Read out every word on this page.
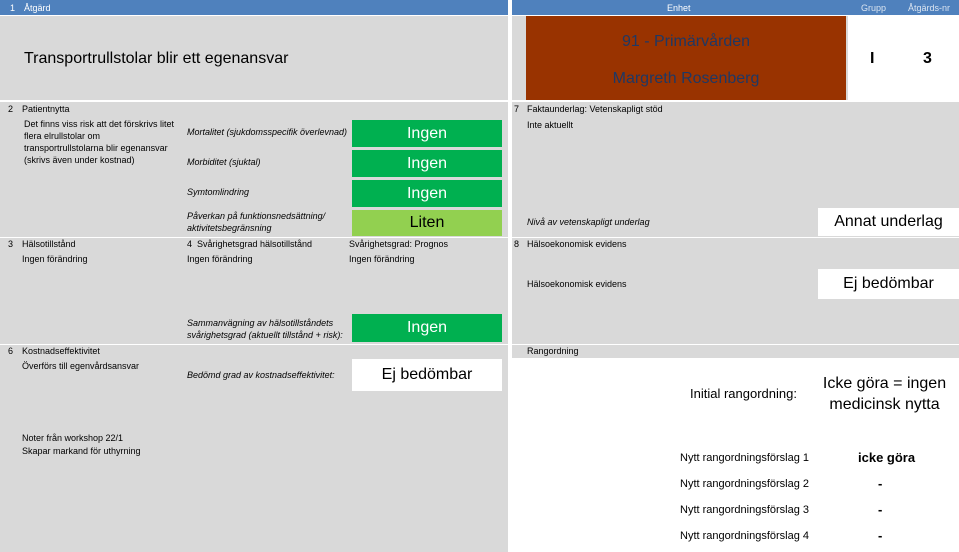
1 Åtgärd	Enhet	Grupp Åtgärds-nr
Transportrullstolar blir ett egenansvar
91 - Primärvården
Margreth Rosenberg
I	3
2 Patientnytta
Det finns viss risk att det förskrivs litet flera elrullstolar om transportrullstolarna blir egenansvar (skrivs även under kostnad)
Mortalitet (sjukdomsspecifik överlevnad)	Ingen
Morbiditet (sjuktal)	Ingen
Symtomlindring	Ingen
Påverkan på funktionsnedsättning/ aktivitetsbegränsning	Liten
7 Faktaunderlag: Vetenskapligt stöd
Inte aktuellt
Nivå av vetenskapligt underlag	Annat underlag
3 Hälsotillstånd	4 Svårighetsgrad hälsotillstånd	Svårighetsgrad: Prognos
Ingen förändring	Ingen förändring	Ingen förändring
Sammanvägning av hälsotillståndets svårighetsgrad (aktuellt tillstånd + risk):	Ingen
8 Hälsoekonomisk evidens
Hälsoekonomisk evidens	Ej bedömbar
6 Kostnadseffektivitet
Överförs till egenvårdsansvar
Bedömd grad av kostnadseffektivitet:	Ej bedömbar
Noter från workshop 22/1
Skapar markand för uthyrning
Rangordning
Initial rangordning:
Icke göra = ingen medicinsk nytta
Nytt rangordningsförslag 1	icke göra
Nytt rangordningsförslag 2	-
Nytt rangordningsförslag 3	-
Nytt rangordningsförslag 4	-
